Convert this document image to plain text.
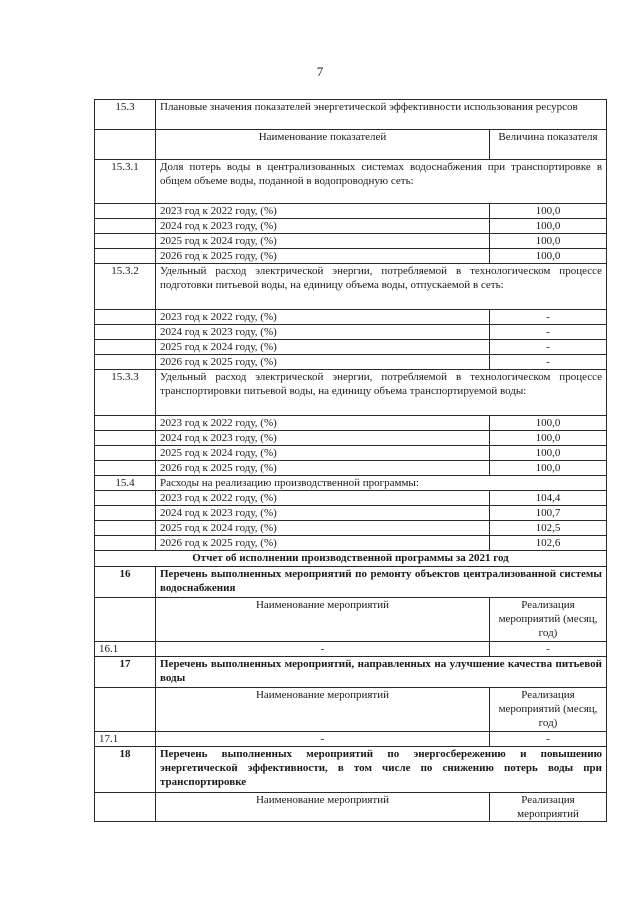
7
15.3	Плановые значения показателей энергетической эффективности использования ресурсов	
	Наименование показателей	Величина показателя
15.3.1	Доля потерь воды в централизованных системах водоснабжения при транспортировке в общем объеме воды, поданной в водопроводную сеть:	
	2023 год к 2022 году, (%)	100,0
	2024 год к 2023 году, (%)	100,0
	2025 год к 2024 году, (%)	100,0
	2026 год к 2025 году, (%)	100,0
15.3.2	Удельный расход электрической энергии, потребляемой в технологическом процессе подготовки питьевой воды, на единицу объема воды, отпускаемой в сеть:	
	2023 год к 2022 году, (%)	-
	2024 год к 2023 году, (%)	-
	2025 год к 2024 году, (%)	-
	2026 год к 2025 году, (%)	-
15.3.3	Удельный расход электрической энергии, потребляемой в технологическом процессе транспортировки питьевой воды, на единицу объема транспортируемой воды:	
	2023 год к 2022 году, (%)	100,0
	2024 год к 2023 году, (%)	100,0
	2025 год к 2024 году, (%)	100,0
	2026 год к 2025 году, (%)	100,0
15.4	Расходы на реализацию производственной программы:	
	2023 год к 2022 году, (%)	104,4
	2024 год к 2023 году, (%)	100,7
	2025 год к 2024 году, (%)	102,5
	2026 год к 2025 году, (%)	102,6
Отчет об исполнении производственной программы за 2021 год		
16	Перечень выполненных мероприятий по ремонту объектов централизованной системы водоснабжения	
	Наименование мероприятий	Реализация мероприятий (месяц, год)
16.1	-	-
17	Перечень выполненных мероприятий, направленных на улучшение качества питьевой воды	
	Наименование мероприятий	Реализация мероприятий (месяц, год)
17.1	-	-
18	Перечень выполненных мероприятий по энергосбережению и повышению энергетической эффективности, в том числе по снижению потерь воды при транспортировке	
	Наименование мероприятий	Реализация мероприятий
